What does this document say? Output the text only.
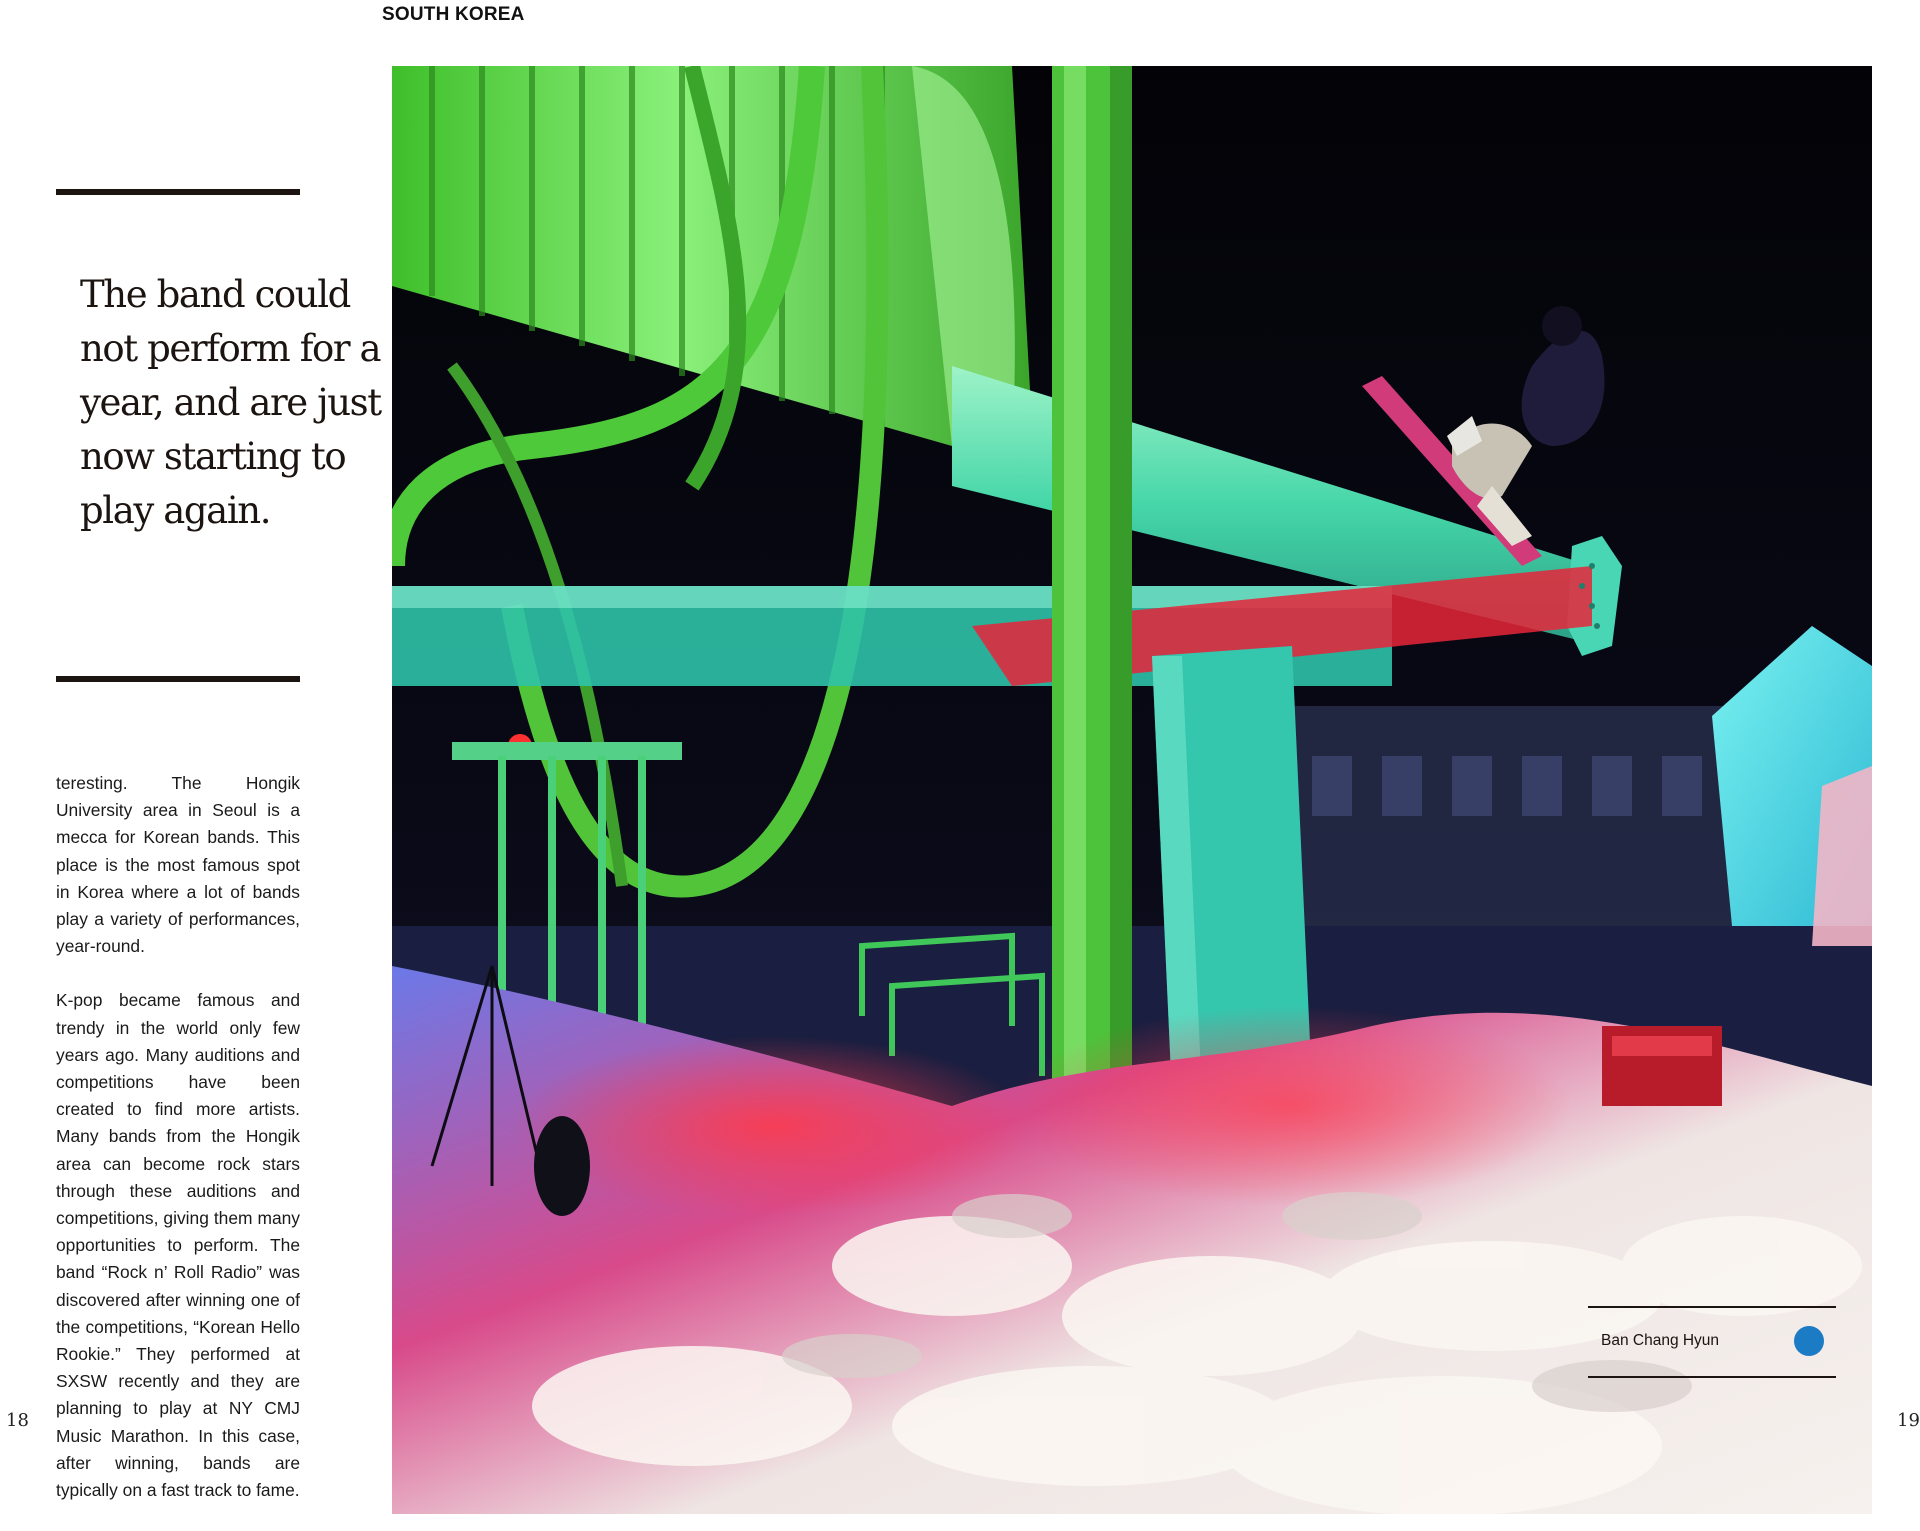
SOUTH KOREA
The band could not perform for a year, and are just now starting to play again.

teresting. The Hongik University area in Seoul is a mecca for Korean bands. This place is the most famous spot in Korea where a lot of bands play a variety of performances, year-round.

K-pop became famous and trendy in the world only few years ago. Many auditions and competitions have been created to find more artists. Many bands from the Hongik area can become rock stars through these auditions and competitions, giving them many opportunities to perform. The band “Rock n’ Roll Radio” was discovered after winning one of the competitions, “Korean Hello Rookie.” They performed at SXSW recently and they are planning to play at NY CMJ Music Marathon. In this case, after winning, bands are typically on a fast track to fame.

18	19
Ban Chang Hyun
